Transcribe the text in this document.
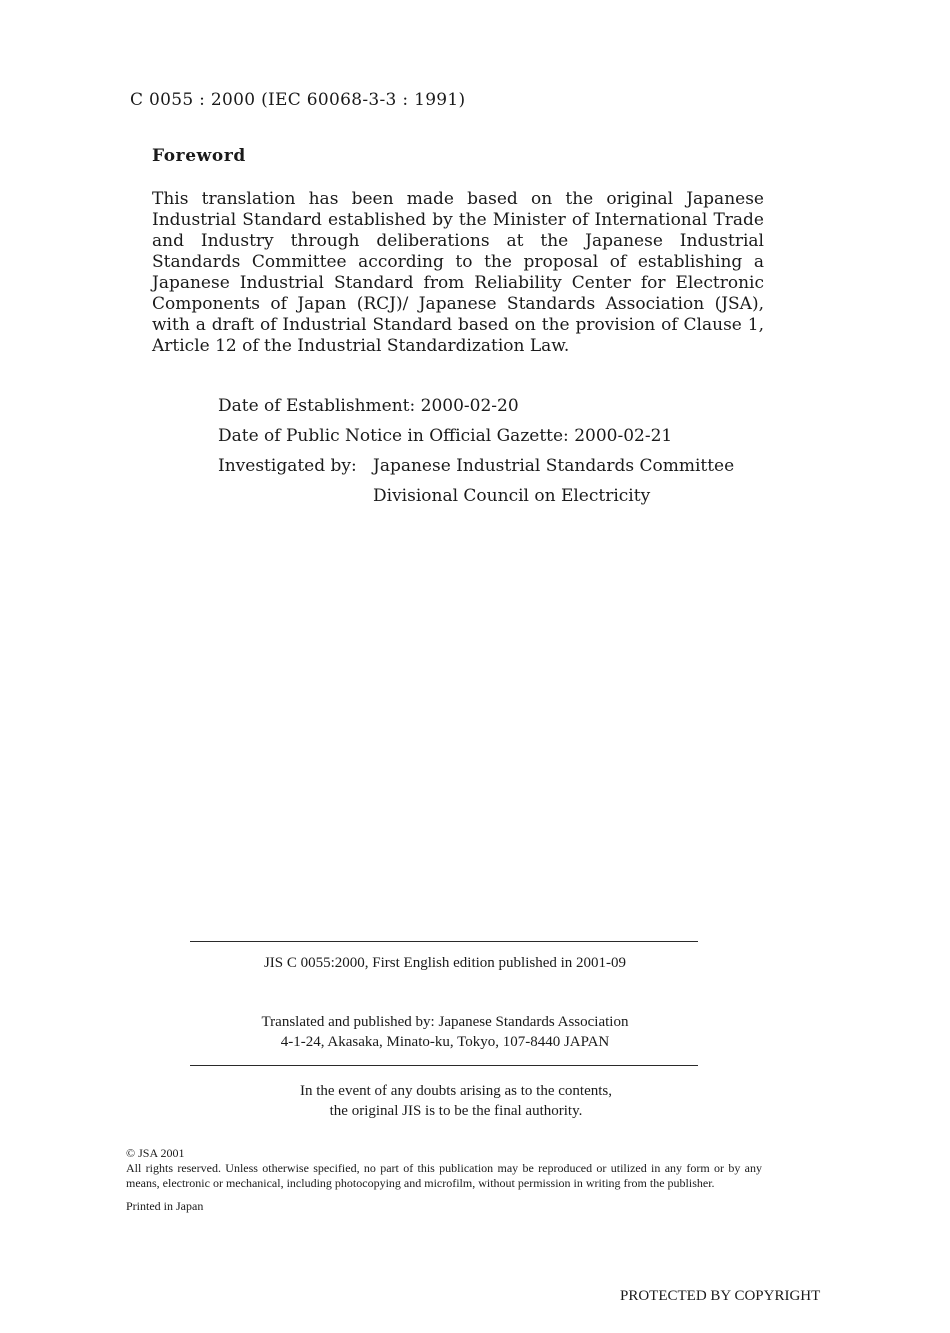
C 0055 : 2000 (IEC 60068-3-3 : 1991)
Foreword

This translation has been made based on the original Japanese Industrial Standard established by the Minister of International Trade and Industry through deliberations at the Japanese Industrial Standards Committee according to the proposal of establishing a Japanese Industrial Standard from Reliability Center for Electronic Components of Japan (RCJ)/ Japanese Standards Association (JSA), with a draft of Industrial Standard based on the provision of Clause 1, Article 12 of the Industrial Standardization Law.

Date of Establishment: 2000-02-20
Date of Public Notice in Official Gazette: 2000-02-21
Investigated by: Japanese Industrial Standards Committee
Divisional Council on Electricity
JIS C 0055:2000, First English edition published in 2001-09
Translated and published by: Japanese Standards Association
4-1-24, Akasaka, Minato-ku, Tokyo, 107-8440 JAPAN
In the event of any doubts arising as to the contents,
the original JIS is to be the final authority.
© JSA 2001

All rights reserved. Unless otherwise specified, no part of this publication may be reproduced or utilized in any form or by any means, electronic or mechanical, including photocopying and microfilm, without permission in writing from the publisher.

Printed in Japan
PROTECTED BY COPYRIGHT
